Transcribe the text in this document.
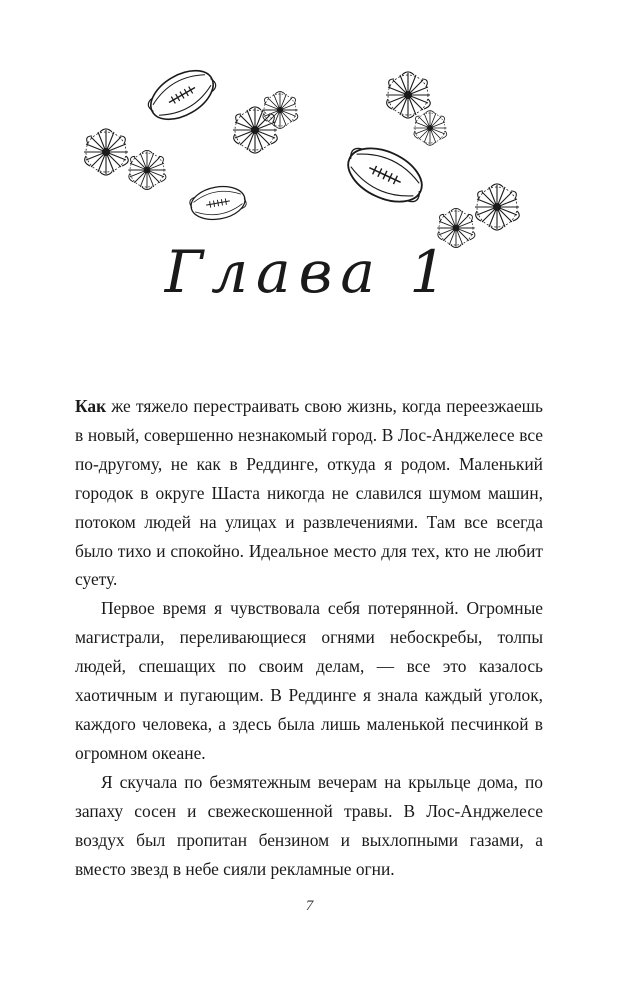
Глава 1

Как же тяжело перестраивать свою жизнь, когда переезжаешь в новый, совершенно незнакомый город. В Лос-Анджелесе все по-другому, не как в Реддинге, откуда я родом. Маленький городок в округе Шаста никогда не славился шумом машин, потоком людей на улицах и развлечениями. Там все всегда было тихо и спокойно. Идеальное место для тех, кто не любит суету.

Первое время я чувствовала себя потерянной. Огромные магистрали, переливающиеся огнями небоскребы, толпы людей, спешащих по своим делам, — все это казалось хаотичным и пугающим. В Реддинге я знала каждый уголок, каждого человека, а здесь была лишь маленькой песчинкой в огромном океане.

Я скучала по безмятежным вечерам на крыльце дома, по запаху сосен и свежескошенной травы. В Лос-Анджелесе воздух был пропитан бензином и выхлопными газами, а вместо звезд в небе сияли рекламные огни.

7
